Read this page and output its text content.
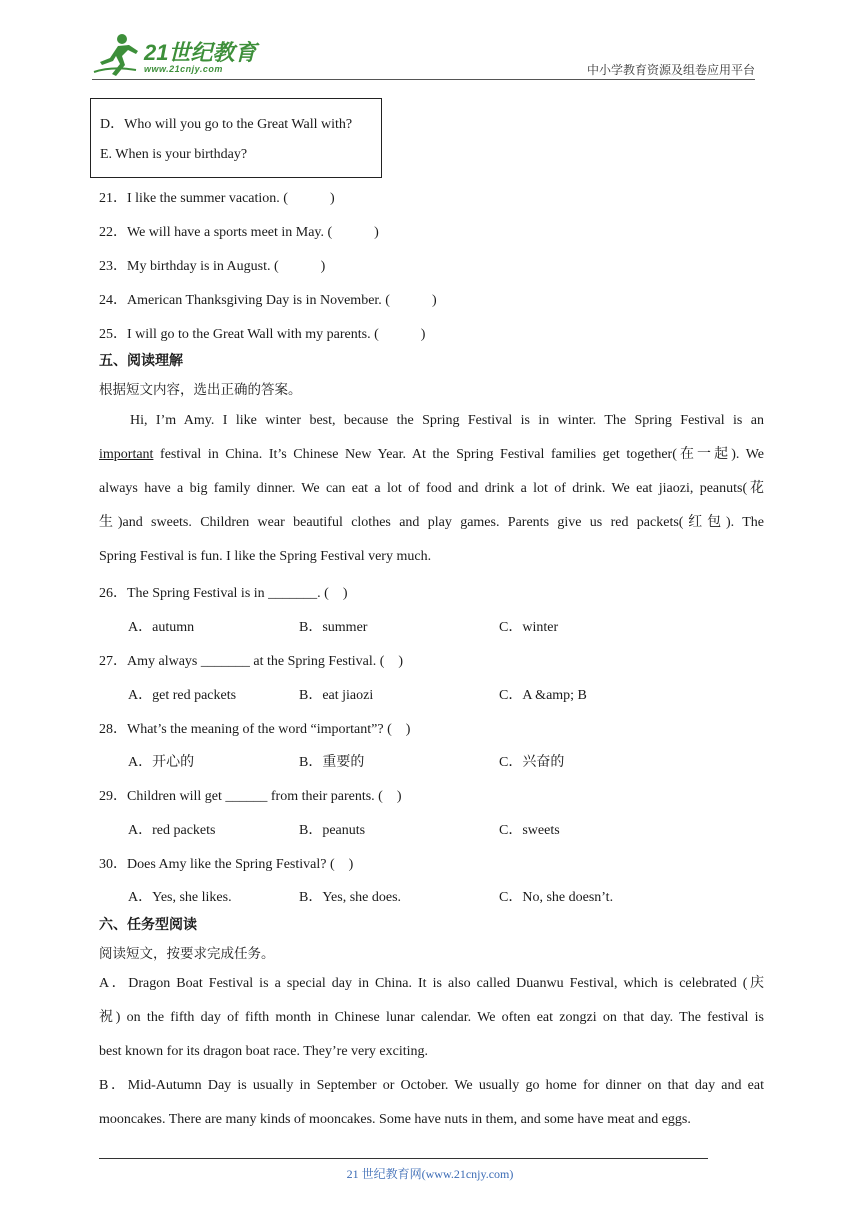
21世纪教育
www.21cnjy.com	中小学教育资源及组卷应用平台
D．Who will you go to the Great Wall with?
E. When is your birthday?
21．I like the summer vacation. (　　　)
22．We will have a sports meet in May. (　　　)
23．My birthday is in August. (　　　)
24．American Thanksgiving Day is in November. (　　　)
25．I will go to the Great Wall with my parents. (　　　)
五、阅读理解
根据短文内容，选出正确的答案。
Hi, I’m Amy. I like winter best, because the Spring Festival is in winter. The Spring Festival is an
important festival in China. It’s Chinese New Year. At the Spring Festival families get together(在一起). We
always have a big family dinner. We can eat a lot of food and drink a lot of drink. We eat jiaozi, peanuts(花
生)and sweets. Children wear beautiful clothes and play games. Parents give us red packets(红包). The
Spring Festival is fun. I like the Spring Festival very much.
26．The Spring Festival is in _______. (　)
A．autumn	B．summer	C．winter
27．Amy always _______ at the Spring Festival. (　)
A．get red packets	B．eat jiaozi	C．A &amp; B
28．What’s the meaning of the word “important”? (　)
A．开心的	B．重要的	C．兴奋的
29．Children will get ______ from their parents. (　)
A．red packets	B．peanuts	C．sweets
30．Does Amy like the Spring Festival? (　)
A．Yes, she likes.	B．Yes, she does.	C．No, she doesn’t.
六、任务型阅读
阅读短文，按要求完成任务。
A．Dragon Boat Festival is a special day in China. It is also called Duanwu Festival, which is celebrated (庆
祝) on the fifth day of fifth month in Chinese lunar calendar. We often eat zongzi on that day. The festival is
best known for its dragon boat race. They’re very exciting.
B．Mid-Autumn Day is usually in September or October. We usually go home for dinner on that day and eat
mooncakes. There are many kinds of mooncakes. Some have nuts in them, and some have meat and eggs.
21 世纪教育网(www.21cnjy.com)
